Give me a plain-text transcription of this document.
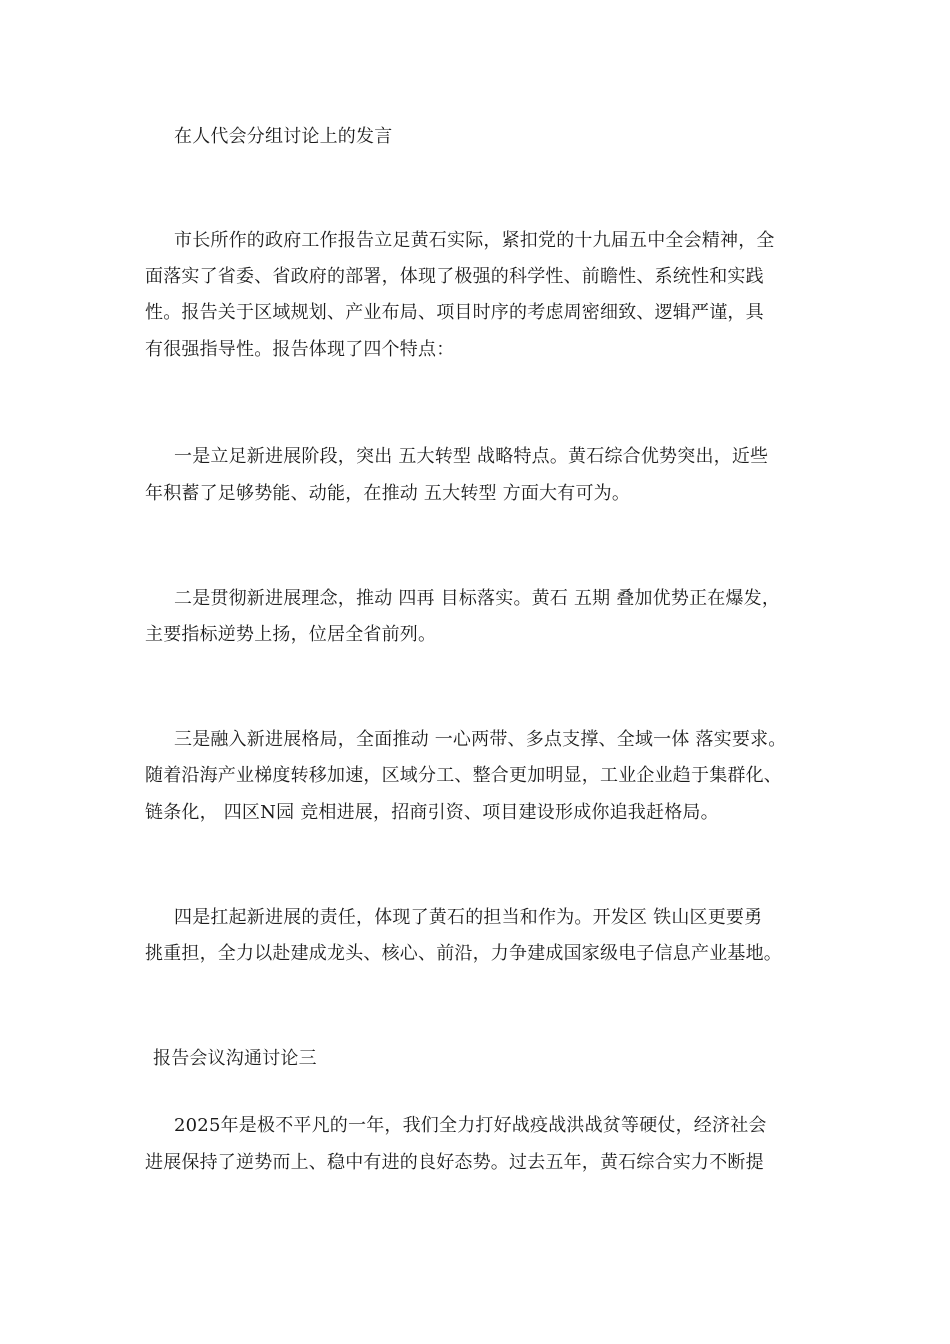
在人代会分组讨论上的发言
市长所作的政府工作报告立足黄石实际，紧扣党的十九届五中全会精神，全
面落实了省委、省政府的部署，体现了极强的科学性、前瞻性、系统性和实践
性。报告关于区域规划、产业布局、项目时序的考虑周密细致、逻辑严谨，具
有很强指导性。报告体现了四个特点：
一是立足新进展阶段，突出 五大转型 战略特点。黄石综合优势突出，近些
年积蓄了足够势能、动能，在推动 五大转型 方面大有可为。
二是贯彻新进展理念，推动 四再 目标落实。黄石 五期 叠加优势正在爆发，
主要指标逆势上扬，位居全省前列。
三是融入新进展格局，全面推动 一心两带、多点支撑、全域一体 落实要求。
随着沿海产业梯度转移加速，区域分工、整合更加明显，工业企业趋于集群化、
链条化， 四区N园 竞相进展，招商引资、项目建设形成你追我赶格局。
四是扛起新进展的责任，体现了黄石的担当和作为。开发区 铁山区更要勇
挑重担，全力以赴建成龙头、核心、前沿，力争建成国家级电子信息产业基地。
报告会议沟通讨论三
2025年是极不平凡的一年，我们全力打好战疫战洪战贫等硬仗，经济社会
进展保持了逆势而上、稳中有进的良好态势。过去五年，黄石综合实力不断提
